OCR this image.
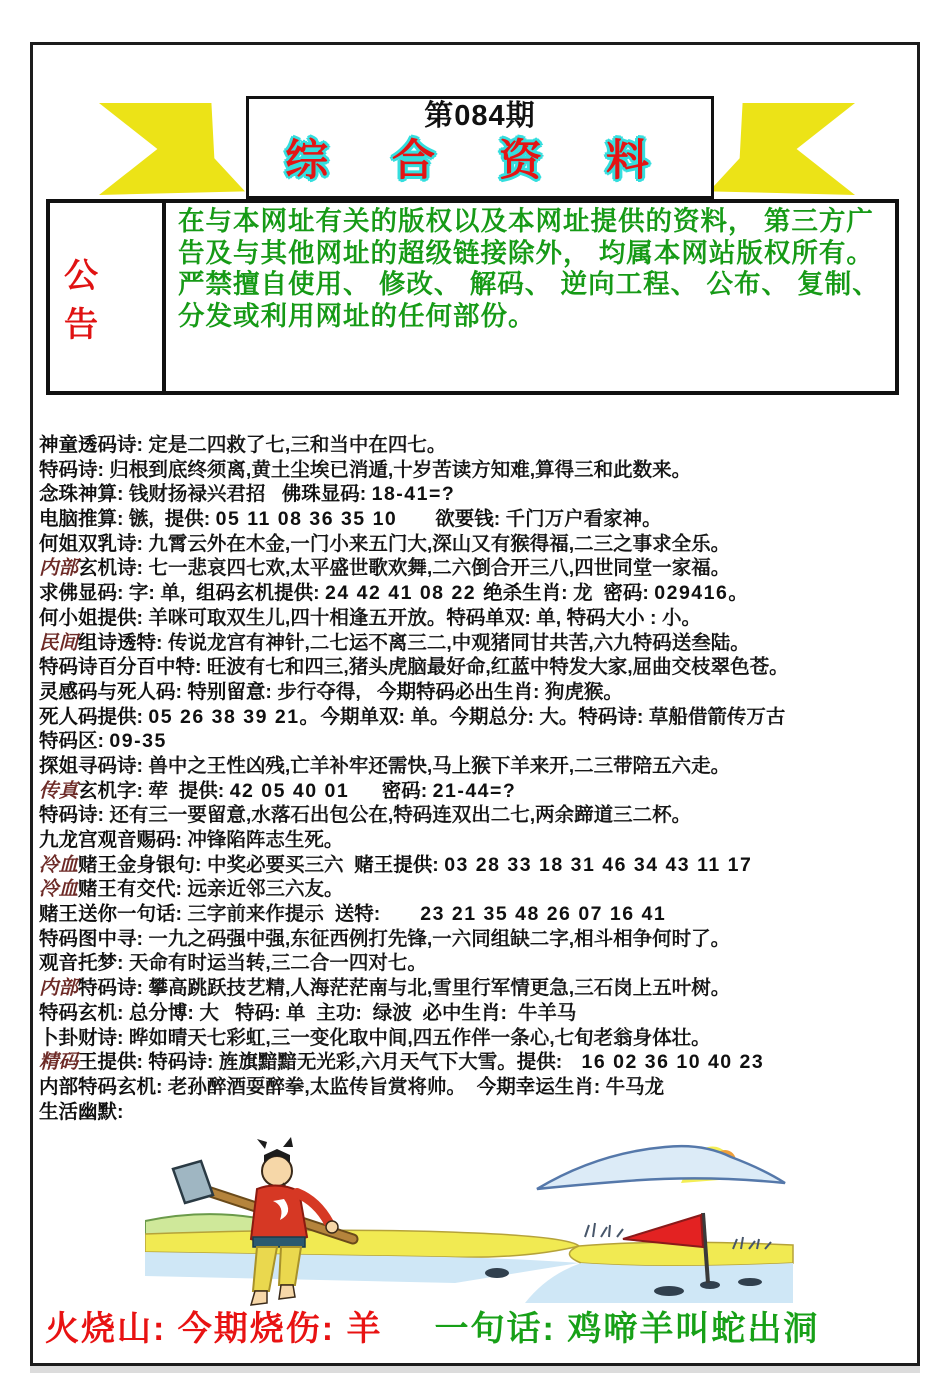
第084期
综 合 资 料
公 告
在与本网址有关的版权以及本网址提供的资料， 第三方广告及与其他网址的超级链接除外， 均属本网站版权所有。 严禁擅自使用、 修改、 解码、 逆向工程、 公布、 复制、 分发或利用网址的任何部份。
神童透码诗: 定是二四救了七,三和当中在四七。
特码诗: 归根到底终须离,黄土尘埃已消遁,十岁苦读方知难,算得三和此数来。
念珠神算: 钱财扬禄兴君招   佛珠显码: 18-41=?
电脑推算: 镞,  提供: 05 11 08 36 35 10 欲要钱: 千门万户看家神。
何姐双乳诗: 九霄云外在木金,一门小来五门大,深山又有猴得福,二三之事求全乐。
内部玄机诗: 七一悲哀四七欢,太平盛世歌欢舞,二六倒合开三八,四世同堂一家福。
求佛显码: 字: 单,  组码玄机提供: 24 42 41 08 22 绝杀生肖: 龙  密码: 029416。
何小姐提供: 羊咪可取双生儿,四十相逢五开放。特码单双: 单, 特码大小 : 小。
民间组诗透特: 传说龙宫有神针,二七运不离三二,中观猪同甘共苦,六九特码送叁陆。
特码诗百分百中特: 旺波有七和四三,猪头虎脑最好命,红蓝中特发大家,屈曲交枝翠色苍。
灵感码与死人码: 特别留意: 步行夺得,   今期特码必出生肖: 狗虎猴。
死人码提供: 05 26 38 39 21。今期单双: 单。今期总分: 大。特码诗: 草船借箭传万古
特码区: 09-35
探姐寻码诗: 兽中之王性凶残,亡羊补牢还需快,马上猴下羊来开,二三带陪五六走。
传真玄机字: 荦  提供: 42 05 40 01 密码: 21-44=?
特码诗: 还有三一要留意,水落石出包公在,特码连双出二七,两余蹄道三二杯。
九龙宫观音赐码: 冲锋陷阵志生死。
冷血赌王金身银句: 中奖必要买三六  赌王提供: 03 28 33 18 31 46 34 43 11 17
冷血赌王有交代: 远亲近邻三六友。
赌王送你一句话: 三字前来作提示  送特:      23 21 35 48 26 07 16 41
特码图中寻: 一九之码强中强,东征西例打先锋,一六同组缺二字,相斗相争何时了。
观音托梦: 天命有时运当转,三二合一四对七。
内部特码诗: 攀高跳跃技艺精,人海茫茫南与北,雪里行军情更急,三石岗上五叶树。
特码玄机: 总分博: 大   特码: 单  主功:  绿波  必中生肖:  牛羊马
卜卦财诗: 晔如晴天七彩虹,三一变化取中间,四五作伴一条心,七旬老翁身体壮。
精码王提供: 特码诗: 旌旗黯黯无光彩,六月天气下大雪。提供:   16 02 36 10 40 23
内部特码玄机: 老孙醉酒耍醉拳,太监传旨赏将帅。  今期幸运生肖: 牛马龙
生活幽默:
火烧山: 今期烧伤: 羊 一句话: 鸡啼羊叫蛇出洞
